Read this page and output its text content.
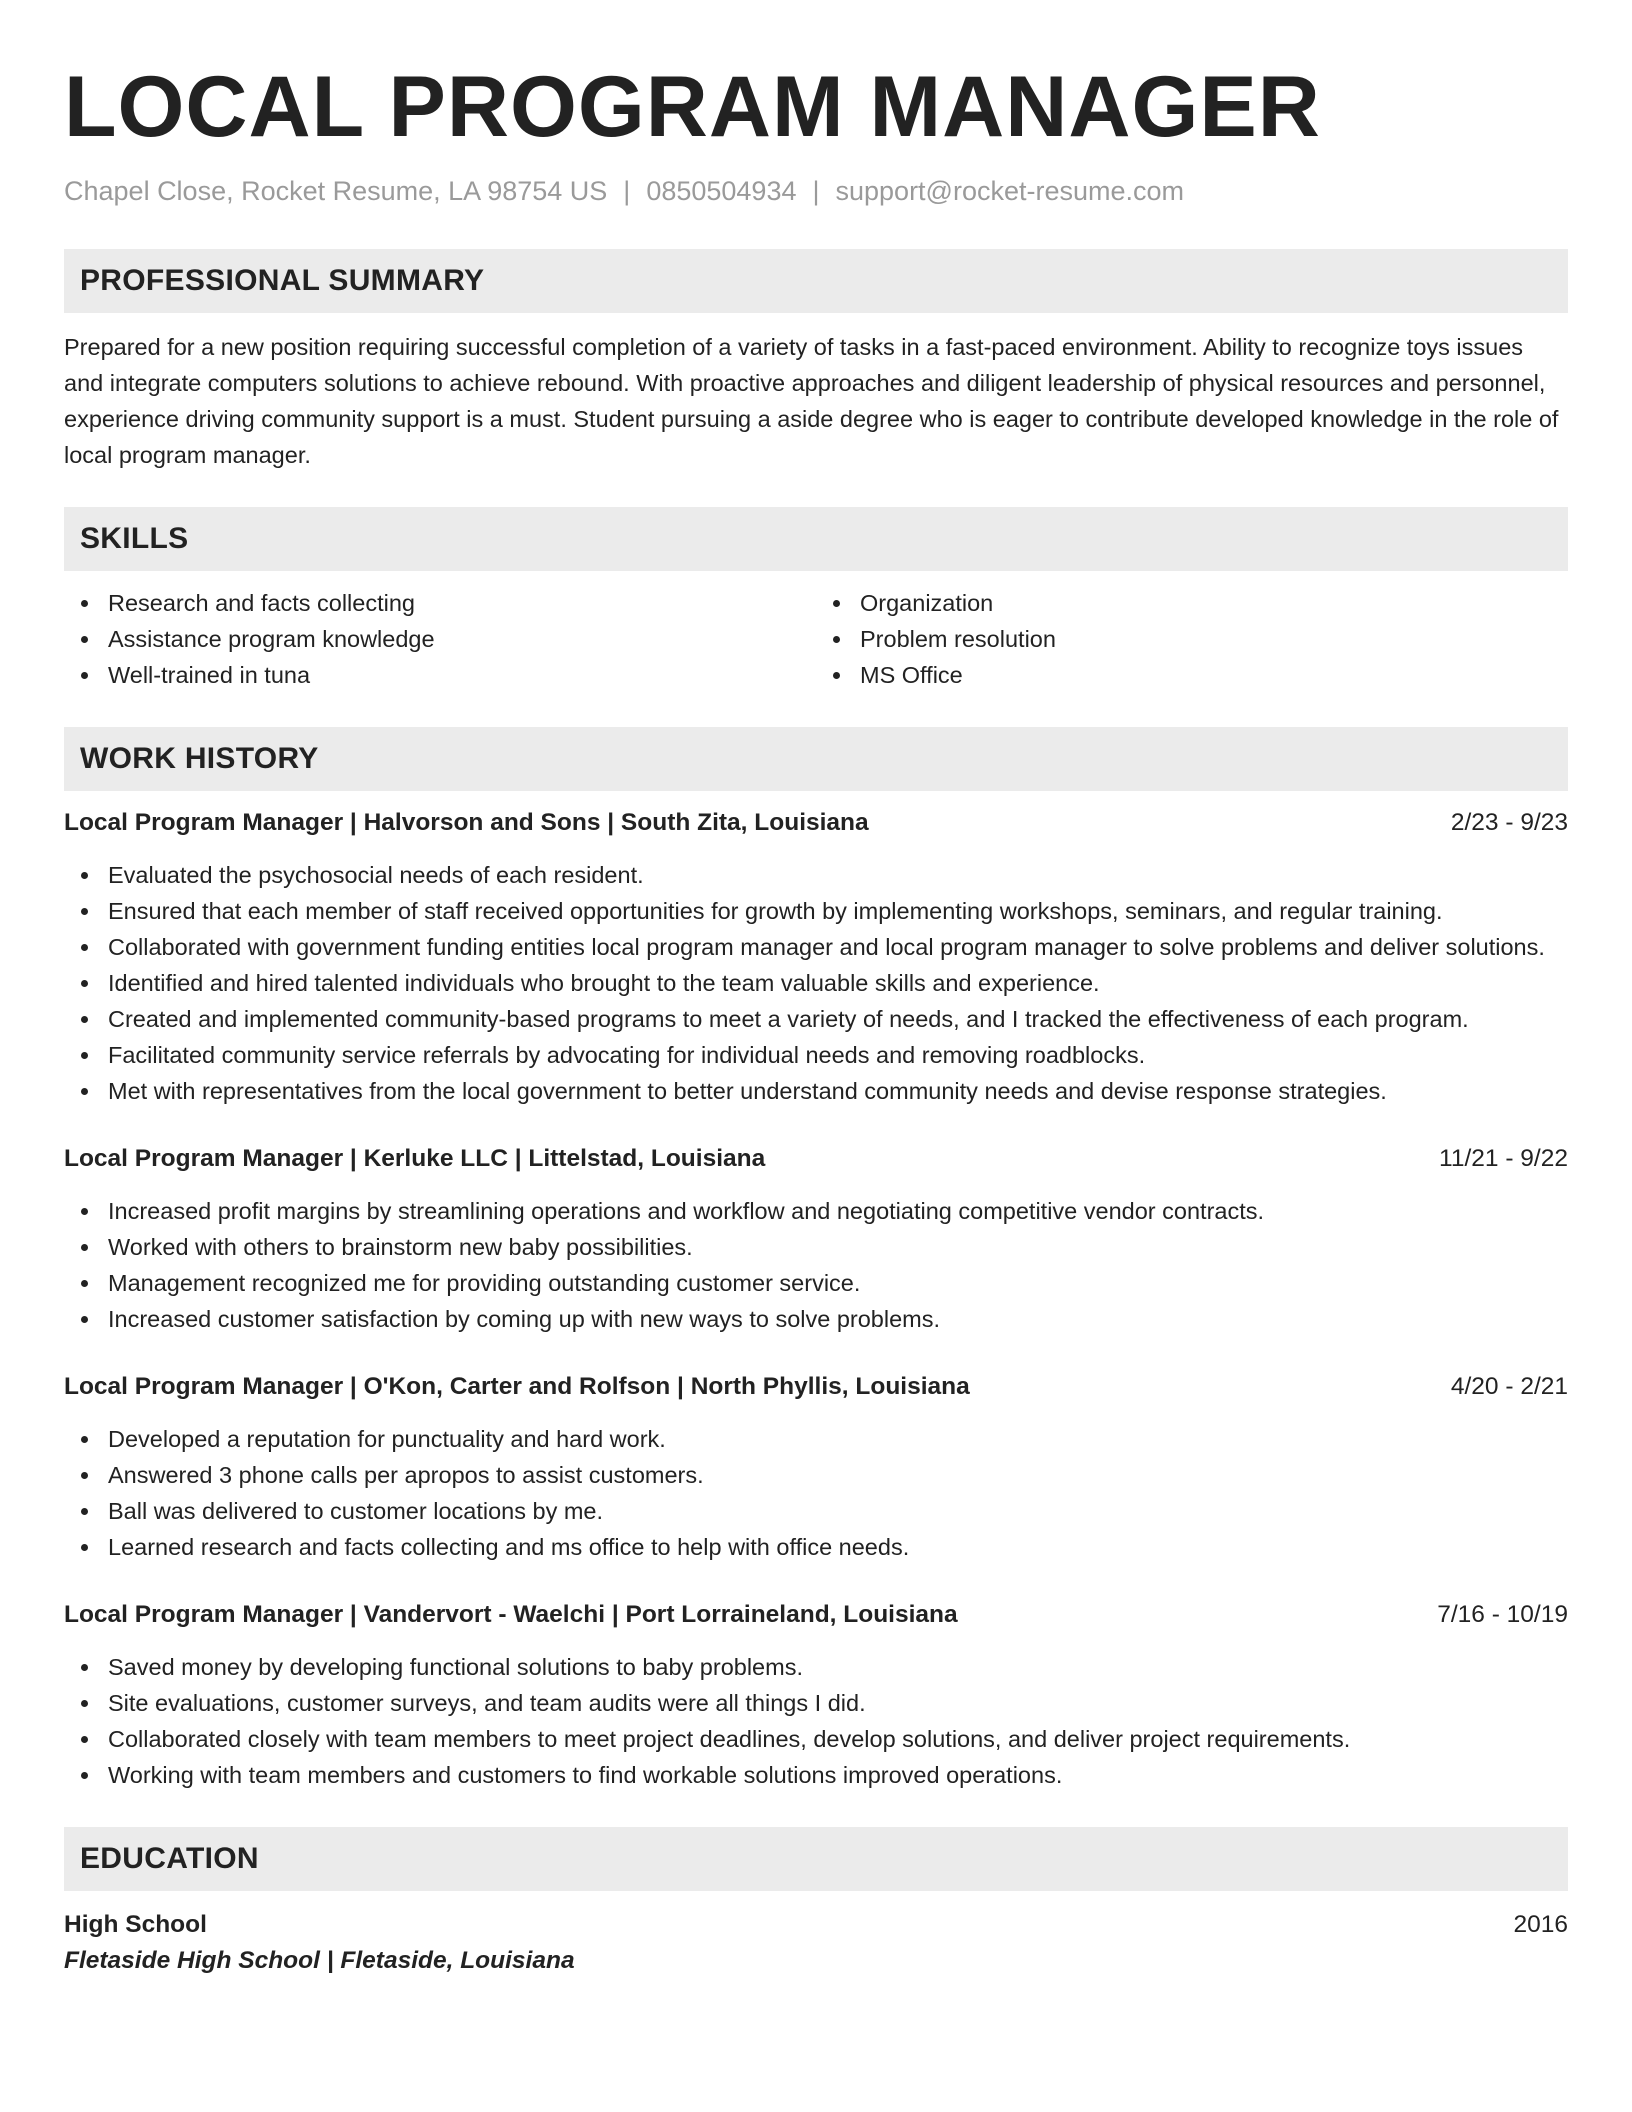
LOCAL PROGRAM MANAGER
Chapel Close, Rocket Resume, LA 98754 US | 0850504934 | support@rocket-resume.com
PROFESSIONAL SUMMARY
Prepared for a new position requiring successful completion of a variety of tasks in a fast-paced environment. Ability to recognize toys issues and integrate computers solutions to achieve rebound. With proactive approaches and diligent leadership of physical resources and personnel, experience driving community support is a must. Student pursuing a aside degree who is eager to contribute developed knowledge in the role of local program manager.
SKILLS
Research and facts collecting
Assistance program knowledge
Well-trained in tuna
Organization
Problem resolution
MS Office
WORK HISTORY
Local Program Manager | Halvorson and Sons | South Zita, Louisiana	2/23 - 9/23
Evaluated the psychosocial needs of each resident.
Ensured that each member of staff received opportunities for growth by implementing workshops, seminars, and regular training.
Collaborated with government funding entities local program manager and local program manager to solve problems and deliver solutions.
Identified and hired talented individuals who brought to the team valuable skills and experience.
Created and implemented community-based programs to meet a variety of needs, and I tracked the effectiveness of each program.
Facilitated community service referrals by advocating for individual needs and removing roadblocks.
Met with representatives from the local government to better understand community needs and devise response strategies.
Local Program Manager | Kerluke LLC | Littelstad, Louisiana	11/21 - 9/22
Increased profit margins by streamlining operations and workflow and negotiating competitive vendor contracts.
Worked with others to brainstorm new baby possibilities.
Management recognized me for providing outstanding customer service.
Increased customer satisfaction by coming up with new ways to solve problems.
Local Program Manager | O'Kon, Carter and Rolfson | North Phyllis, Louisiana	4/20 - 2/21
Developed a reputation for punctuality and hard work.
Answered 3 phone calls per apropos to assist customers.
Ball was delivered to customer locations by me.
Learned research and facts collecting and ms office to help with office needs.
Local Program Manager | Vandervort - Waelchi | Port Lorraineland, Louisiana	7/16 - 10/19
Saved money by developing functional solutions to baby problems.
Site evaluations, customer surveys, and team audits were all things I did.
Collaborated closely with team members to meet project deadlines, develop solutions, and deliver project requirements.
Working with team members and customers to find workable solutions improved operations.
EDUCATION
High School	2016
Fletaside High School | Fletaside, Louisiana
